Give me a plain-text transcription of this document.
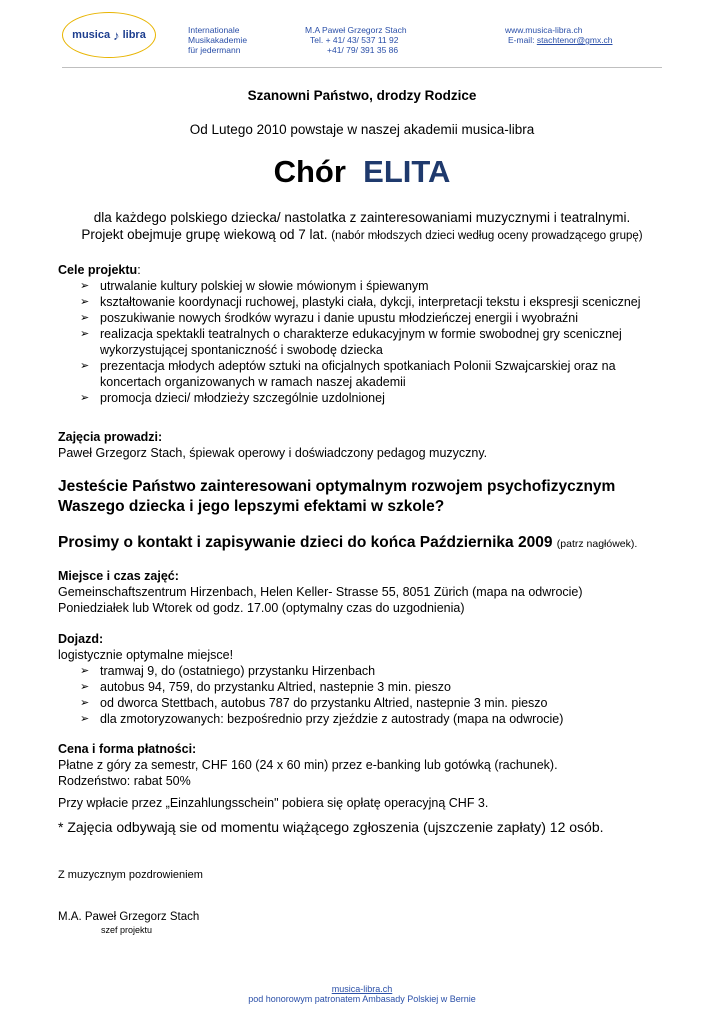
musica ♪ libra	Internationale
Musikakademie
für jedermann
M.A Paweł Grzegorz Stach
Tel. + 41/ 43/ 537 11 92
+41/ 79/ 391 35 86
www.musica-libra.ch
E-mail: stachtenor@gmx.ch
Szanowni Państwo, drodzy Rodzice
Od Lutego 2010 powstaje w naszej akademii musica-libra
Chór ELITA
dla każdego polskiego dziecka/ nastolatka z zainteresowaniami muzycznymi i teatralnymi.
Projekt obejmuje grupę wiekową od 7 lat. (nabór młodszych dzieci według oceny prowadzącego grupę)
Cele projektu:
➢ utrwalanie kultury polskiej w słowie mówionym i śpiewanym
➢ kształtowanie koordynacji ruchowej, plastyki ciała, dykcji, interpretacji tekstu i ekspresji scenicznej
➢ poszukiwanie nowych środków wyrazu i danie upustu młodzieńczej energii i wyobraźni
➢ realizacja spektakli teatralnych o charakterze edukacyjnym w formie swobodnej gry scenicznej
wykorzystującej spontaniczność i swobodę dziecka
➢ prezentacja młodych adeptów sztuki na oficjalnych spotkaniach Polonii Szwajcarskiej oraz na
koncertach organizowanych w ramach naszej akademii
➢ promocja dzieci/ młodzieży szczególnie uzdolnionej
Zajęcia prowadzi:
Paweł Grzegorz Stach, śpiewak operowy i doświadczony pedagog muzyczny.
Jesteście Państwo zainteresowani optymalnym rozwojem psychofizycznym
Waszego dziecka i jego lepszymi efektami w szkole?
Prosimy o kontakt i zapisywanie dzieci do końca Października 2009 (patrz nagłówek).
Miejsce i czas zajęć:
Gemeinschaftszentrum Hirzenbach, Helen Keller- Strasse 55, 8051 Zürich (mapa na odwrocie)
Poniedziałek lub Wtorek od godz. 17.00 (optymalny czas do uzgodnienia)
Dojazd:
logistycznie optymalne miejsce!
➢ tramwaj 9, do (ostatniego) przystanku Hirzenbach
➢ autobus 94, 759, do przystanku Altried, nastepnie 3 min. pieszo
➢ od dworca Stettbach, autobus 787 do przystanku Altried, nastepnie 3 min. pieszo
➢ dla zmotoryzowanych: bezpośrednio przy zjeździe z autostrady (mapa na odwrocie)
Cena i forma płatności:
Płatne z góry za semestr, CHF 160 (24 x 60 min) przez e-banking lub gotówką (rachunek).
Rodzeństwo: rabat 50%
Przy wpłacie przez „Einzahlungsschein" pobiera się opłatę operacyjną CHF 3.
* Zajęcia odbywają sie od momentu wiążącego zgłoszenia (ujszczenie zapłaty) 12 osób.
Z muzycznym pozdrowieniem
M.A. Paweł Grzegorz Stach
szef projektu
musica-libra.ch
pod honorowym patronatem Ambasady Polskiej w Bernie
